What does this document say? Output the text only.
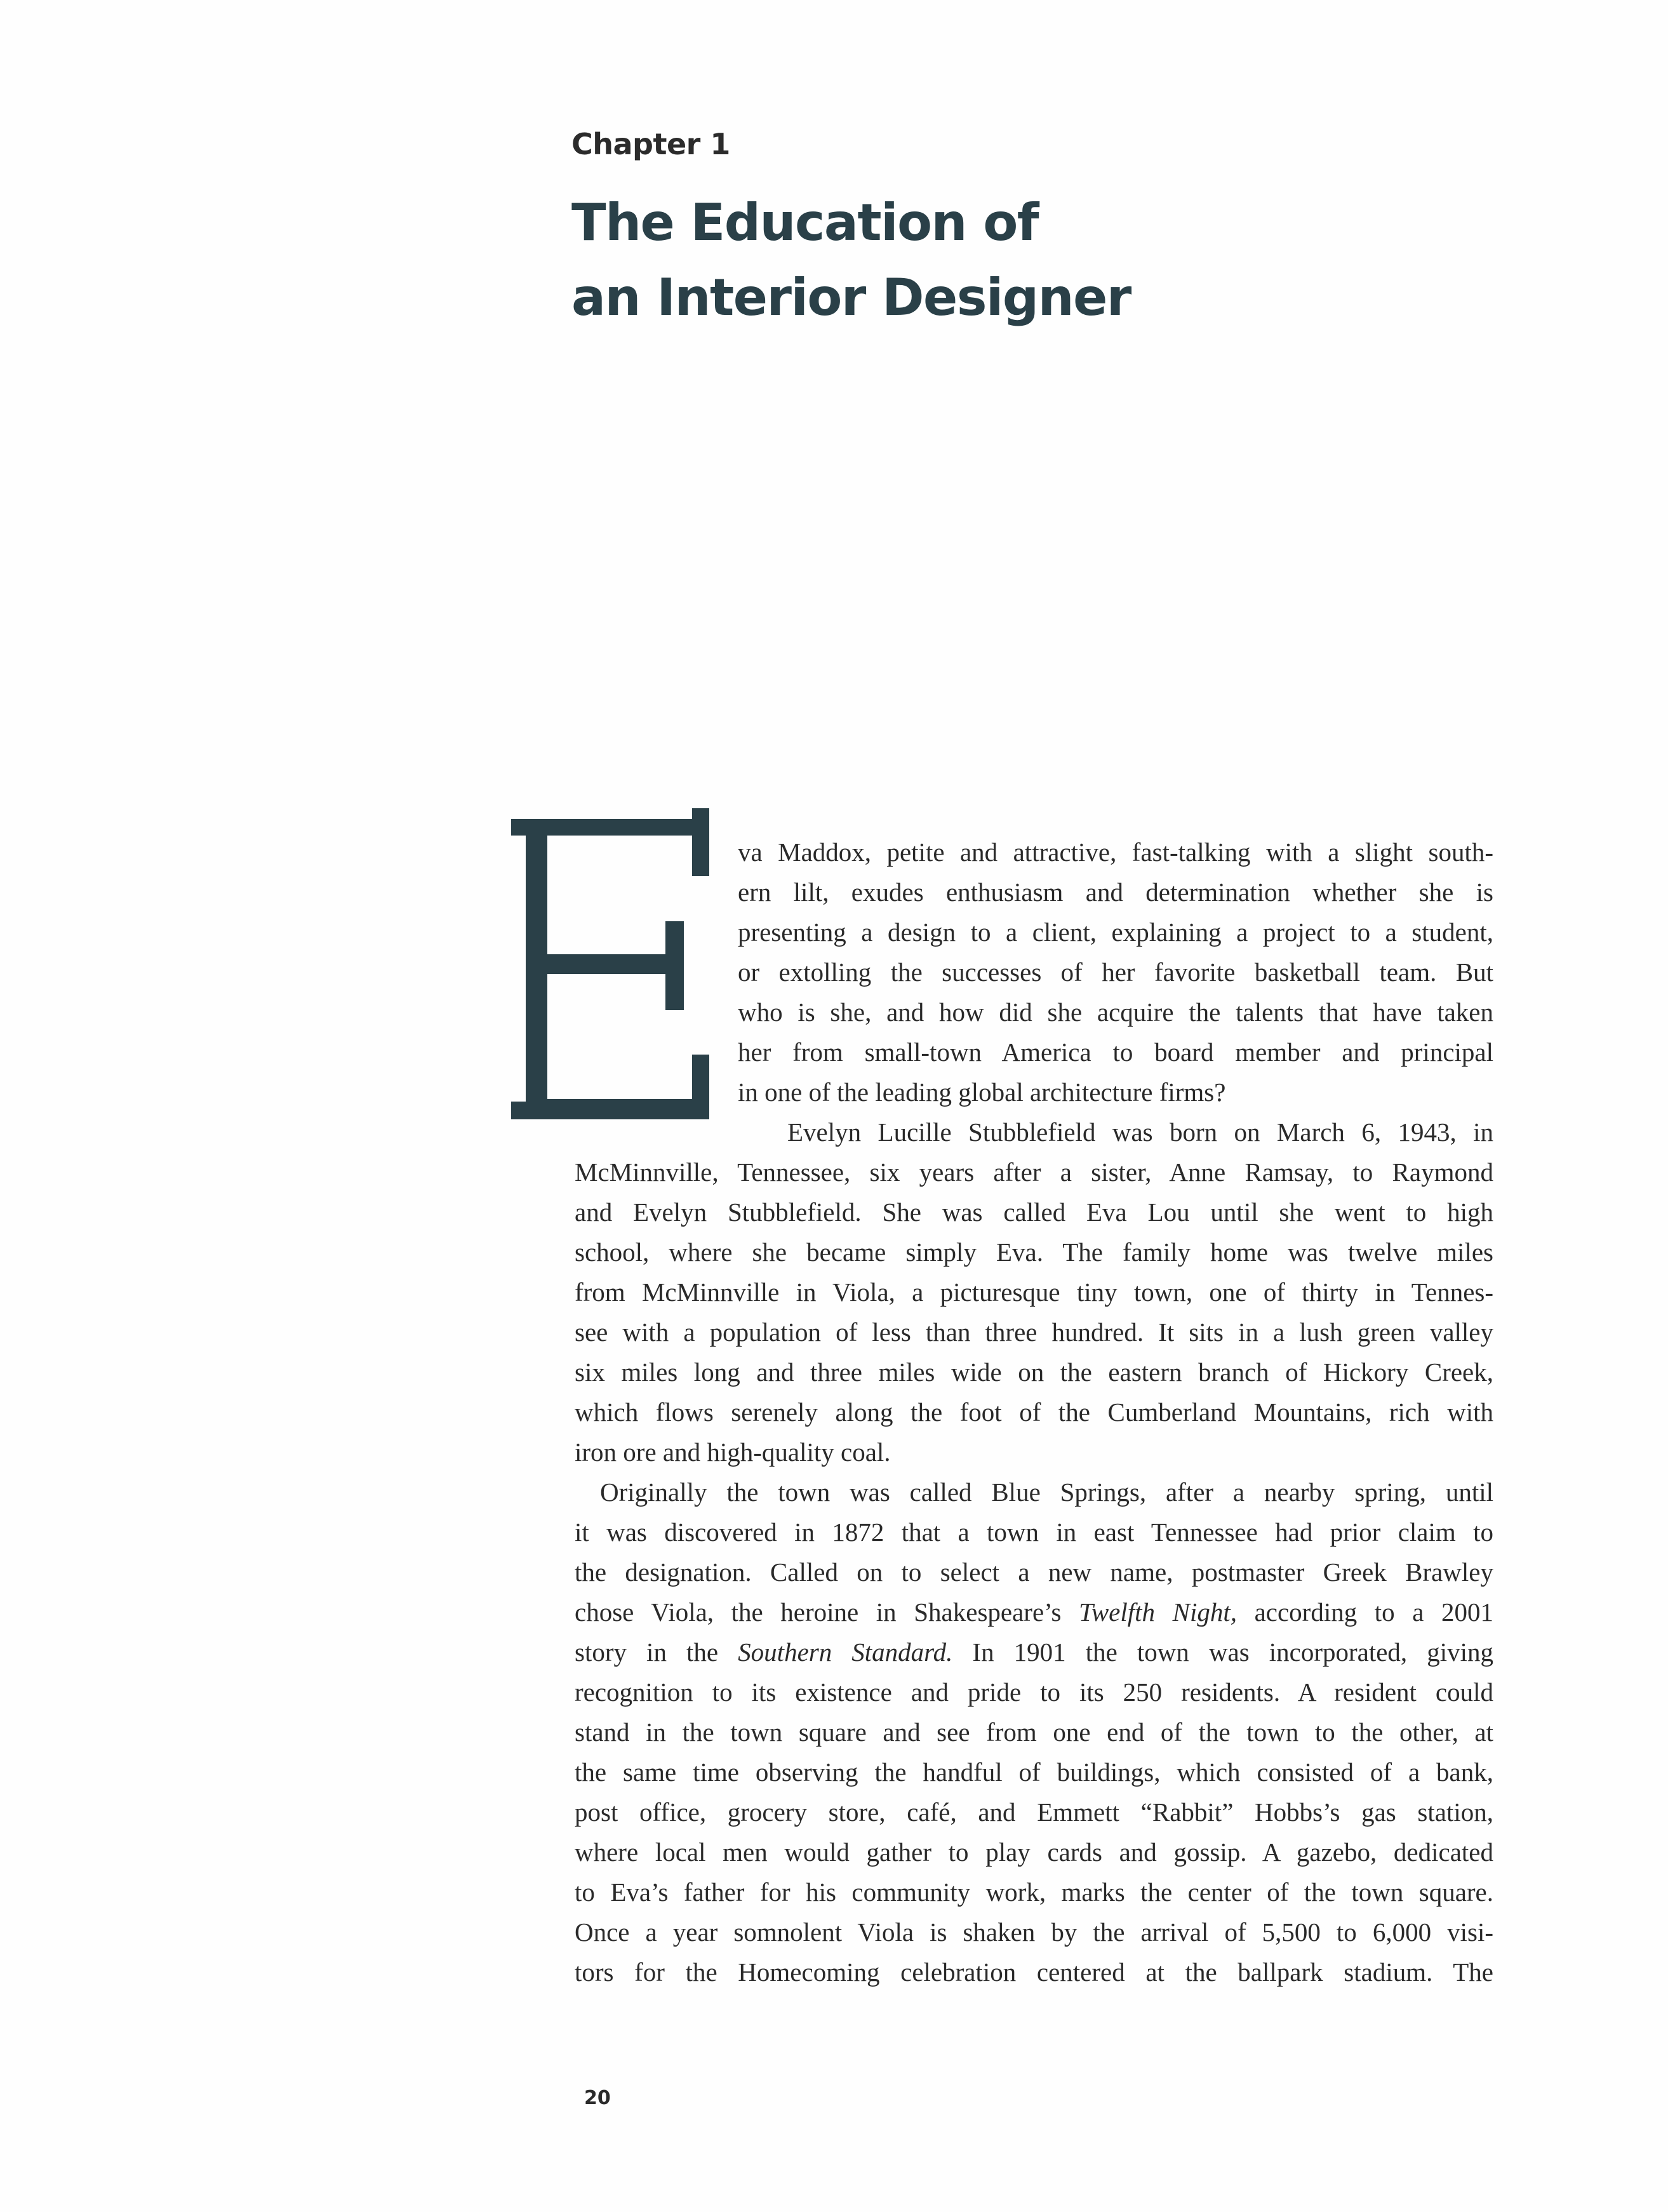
Chapter 1
The Education of
an Interior Designer
va Maddox, petite and attractive, fast-talking with a slight south-
ern lilt, exudes enthusiasm and determination whether she is
presenting a design to a client, explaining a project to a student,
or extolling the successes of her favorite basketball team. But
who is she, and how did she acquire the talents that have taken
her from small-town America to board member and principal
in one of the leading global architecture firms?
Evelyn Lucille Stubblefield was born on March 6, 1943, in
McMinnville, Tennessee, six years after a sister, Anne Ramsay, to Raymond
and Evelyn Stubblefield. She was called Eva Lou until she went to high
school, where she became simply Eva. The family home was twelve miles
from McMinnville in Viola, a picturesque tiny town, one of thirty in Tennes-
see with a population of less than three hundred. It sits in a lush green valley
six miles long and three miles wide on the eastern branch of Hickory Creek,
which flows serenely along the foot of the Cumberland Mountains, rich with
iron ore and high-quality coal.
Originally the town was called Blue Springs, after a nearby spring, until
it was discovered in 1872 that a town in east Tennessee had prior claim to
the designation. Called on to select a new name, postmaster Greek Brawley
chose Viola, the heroine in Shakespeare’s Twelfth Night, according to a 2001
story in the Southern Standard. In 1901 the town was incorporated, giving
recognition to its existence and pride to its 250 residents. A resident could
stand in the town square and see from one end of the town to the other, at
the same time observing the handful of buildings, which consisted of a bank,
post office, grocery store, café, and Emmett “Rabbit” Hobbs’s gas station,
where local men would gather to play cards and gossip. A gazebo, dedicated
to Eva’s father for his community work, marks the center of the town square.
Once a year somnolent Viola is shaken by the arrival of 5,500 to 6,000 visi-
tors for the Homecoming celebration centered at the ballpark stadium. The
20
